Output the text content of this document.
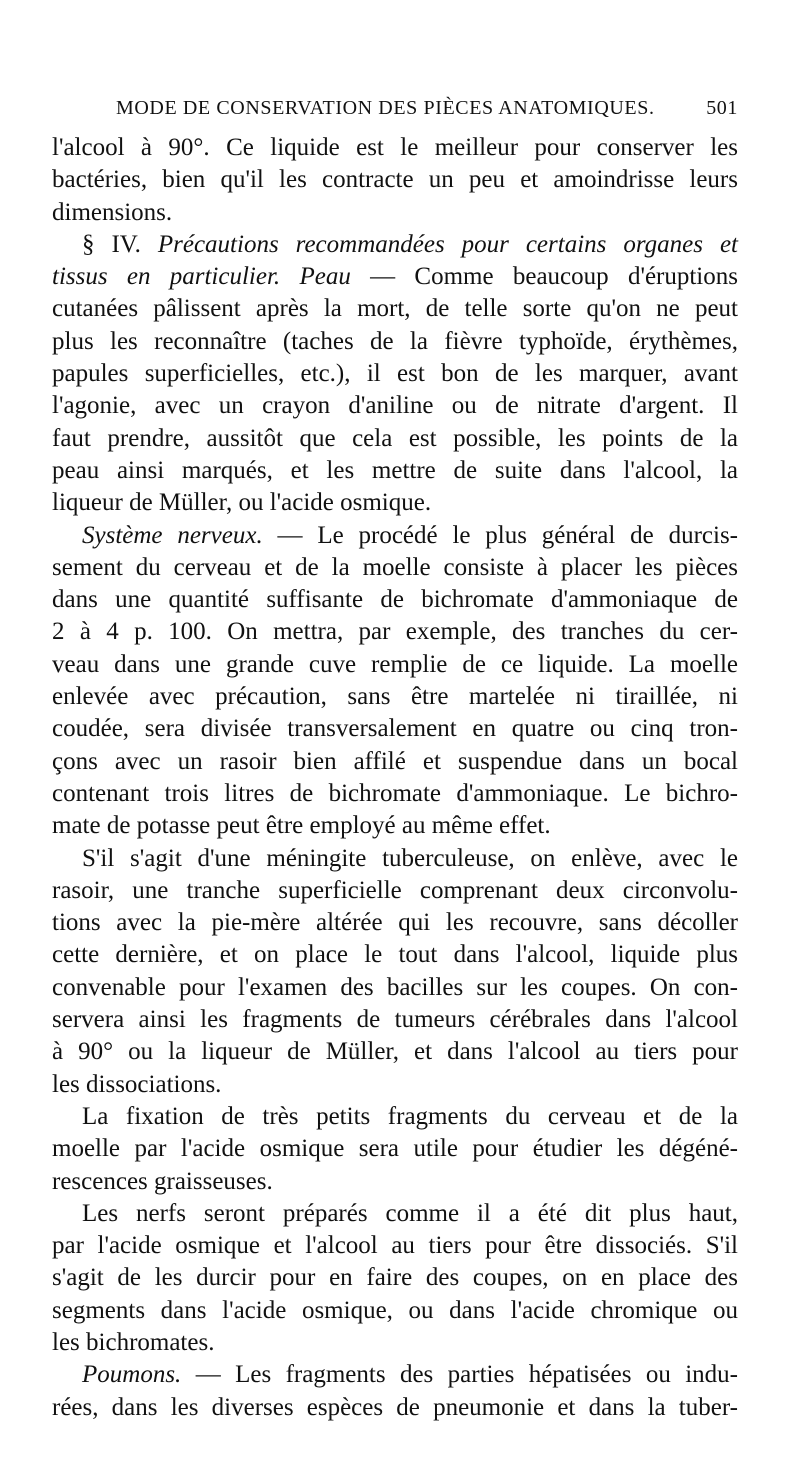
MODE DE CONSERVATION DES PIÈCES ANATOMIQUES.	501
l'alcool à 90°. Ce liquide est le meilleur pour conserver les
bactéries, bien qu'il les contracte un peu et amoindrisse leurs
dimensions.
§ IV. Précautions recommandées pour certains organes et
tissus en particulier. Peau — Comme beaucoup d'éruptions
cutanées pâlissent après la mort, de telle sorte qu'on ne peut
plus les reconnaître (taches de la fièvre typhoïde, érythèmes,
papules superficielles, etc.), il est bon de les marquer, avant
l'agonie, avec un crayon d'aniline ou de nitrate d'argent. Il
faut prendre, aussitôt que cela est possible, les points de la
peau ainsi marqués, et les mettre de suite dans l'alcool, la
liqueur de Müller, ou l'acide osmique.
Système nerveux. — Le procédé le plus général de durcis-
sement du cerveau et de la moelle consiste à placer les pièces
dans une quantité suffisante de bichromate d'ammoniaque de
2 à 4 p. 100. On mettra, par exemple, des tranches du cer-
veau dans une grande cuve remplie de ce liquide. La moelle
enlevée avec précaution, sans être martelée ni tiraillée, ni
coudée, sera divisée transversalement en quatre ou cinq tron-
çons avec un rasoir bien affilé et suspendue dans un bocal
contenant trois litres de bichromate d'ammoniaque. Le bichro-
mate de potasse peut être employé au même effet.
S'il s'agit d'une méningite tuberculeuse, on enlève, avec le
rasoir, une tranche superficielle comprenant deux circonvolu-
tions avec la pie-mère altérée qui les recouvre, sans décoller
cette dernière, et on place le tout dans l'alcool, liquide plus
convenable pour l'examen des bacilles sur les coupes. On con-
servera ainsi les fragments de tumeurs cérébrales dans l'alcool
à 90° ou la liqueur de Müller, et dans l'alcool au tiers pour
les dissociations.
La fixation de très petits fragments du cerveau et de la
moelle par l'acide osmique sera utile pour étudier les dégéné-
rescences graisseuses.
Les nerfs seront préparés comme il a été dit plus haut,
par l'acide osmique et l'alcool au tiers pour être dissociés. S'il
s'agit de les durcir pour en faire des coupes, on en place des
segments dans l'acide osmique, ou dans l'acide chromique ou
les bichromates.
Poumons. — Les fragments des parties hépatisées ou indu-
rées, dans les diverses espèces de pneumonie et dans la tuber-
